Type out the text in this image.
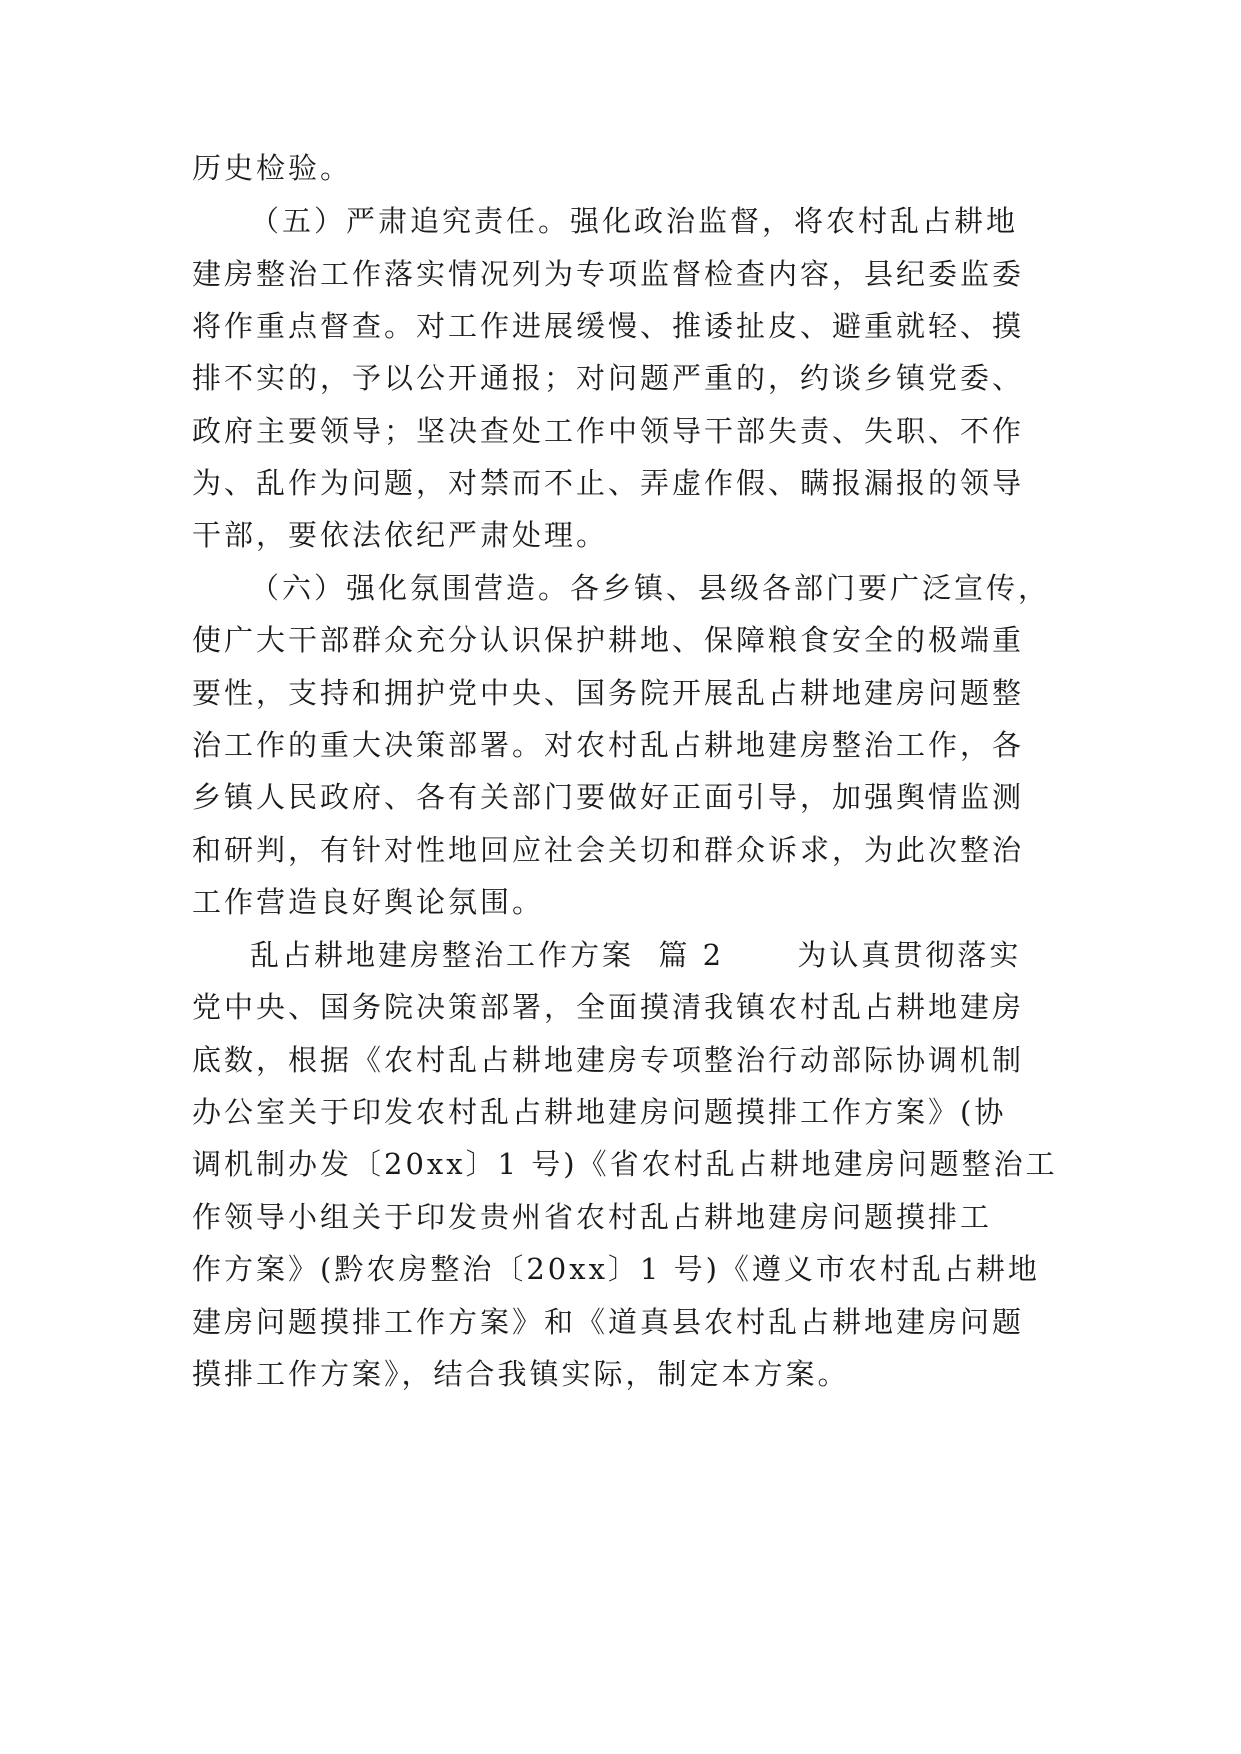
历史检验。
（五）严肃追究责任。强化政治监督，将农村乱占耕地
建房整治工作落实情况列为专项监督检查内容，县纪委监委
将作重点督查。对工作进展缓慢、推诿扯皮、避重就轻、摸
排不实的，予以公开通报；对问题严重的，约谈乡镇党委、
政府主要领导；坚决查处工作中领导干部失责、失职、不作
为、乱作为问题，对禁而不止、弄虚作假、瞒报漏报的领导
干部，要依法依纪严肃处理。
（六）强化氛围营造。各乡镇、县级各部门要广泛宣传，
使广大干部群众充分认识保护耕地、保障粮食安全的极端重
要性，支持和拥护党中央、国务院开展乱占耕地建房问题整
治工作的重大决策部署。对农村乱占耕地建房整治工作，各
乡镇人民政府、各有关部门要做好正面引导，加强舆情监测
和研判，有针对性地回应社会关切和群众诉求，为此次整治
工作营造良好舆论氛围。
乱占耕地建房整治工作方案  篇 2      为认真贯彻落实
党中央、国务院决策部署，全面摸清我镇农村乱占耕地建房
底数，根据《农村乱占耕地建房专项整治行动部际协调机制
办公室关于印发农村乱占耕地建房问题摸排工作方案》(协
调机制办发〔20xx〕1 号)《省农村乱占耕地建房问题整治工
作领导小组关于印发贵州省农村乱占耕地建房问题摸排工
作方案》(黔农房整治〔20xx〕1 号)《遵义市农村乱占耕地
建房问题摸排工作方案》和《道真县农村乱占耕地建房问题
摸排工作方案》，结合我镇实际，制定本方案。
